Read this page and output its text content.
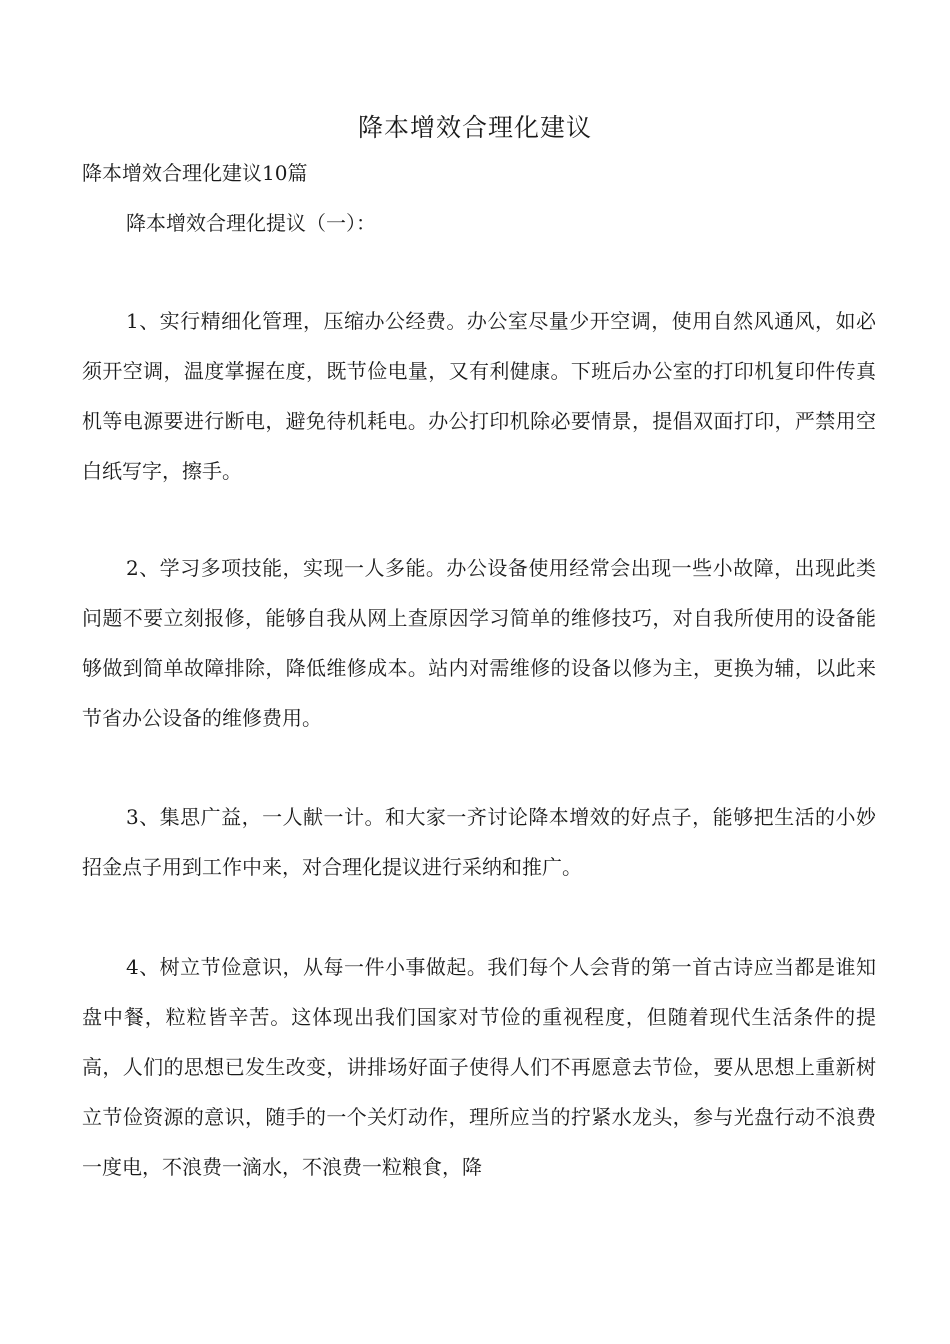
降本增效合理化建议
降本增效合理化建议10篇
降本增效合理化提议（一）：

1、实行精细化管理，压缩办公经费。办公室尽量少开空调，使用自然风通风，如必须开空调，温度掌握在度，既节俭电量，又有利健康。下班后办公室的打印机复印件传真机等电源要进行断电，避免待机耗电。办公打印机除必要情景，提倡双面打印，严禁用空白纸写字，擦手。

2、学习多项技能，实现一人多能。办公设备使用经常会出现一些小故障，出现此类问题不要立刻报修，能够自我从网上查原因学习简单的维修技巧，对自我所使用的设备能够做到简单故障排除，降低维修成本。站内对需维修的设备以修为主，更换为辅，以此来节省办公设备的维修费用。

3、集思广益，一人献一计。和大家一齐讨论降本增效的好点子，能够把生活的小妙招金点子用到工作中来，对合理化提议进行采纳和推广。

4、树立节俭意识，从每一件小事做起。我们每个人会背的第一首古诗应当都是谁知盘中餐，粒粒皆辛苦。这体现出我们国家对节俭的重视程度，但随着现代生活条件的提高，人们的思想已发生改变，讲排场好面子使得人们不再愿意去节俭，要从思想上重新树立节俭资源的意识，随手的一个关灯动作，理所应当的拧紧水龙头，参与光盘行动不浪费一度电，不浪费一滴水，不浪费一粒粮食，降
